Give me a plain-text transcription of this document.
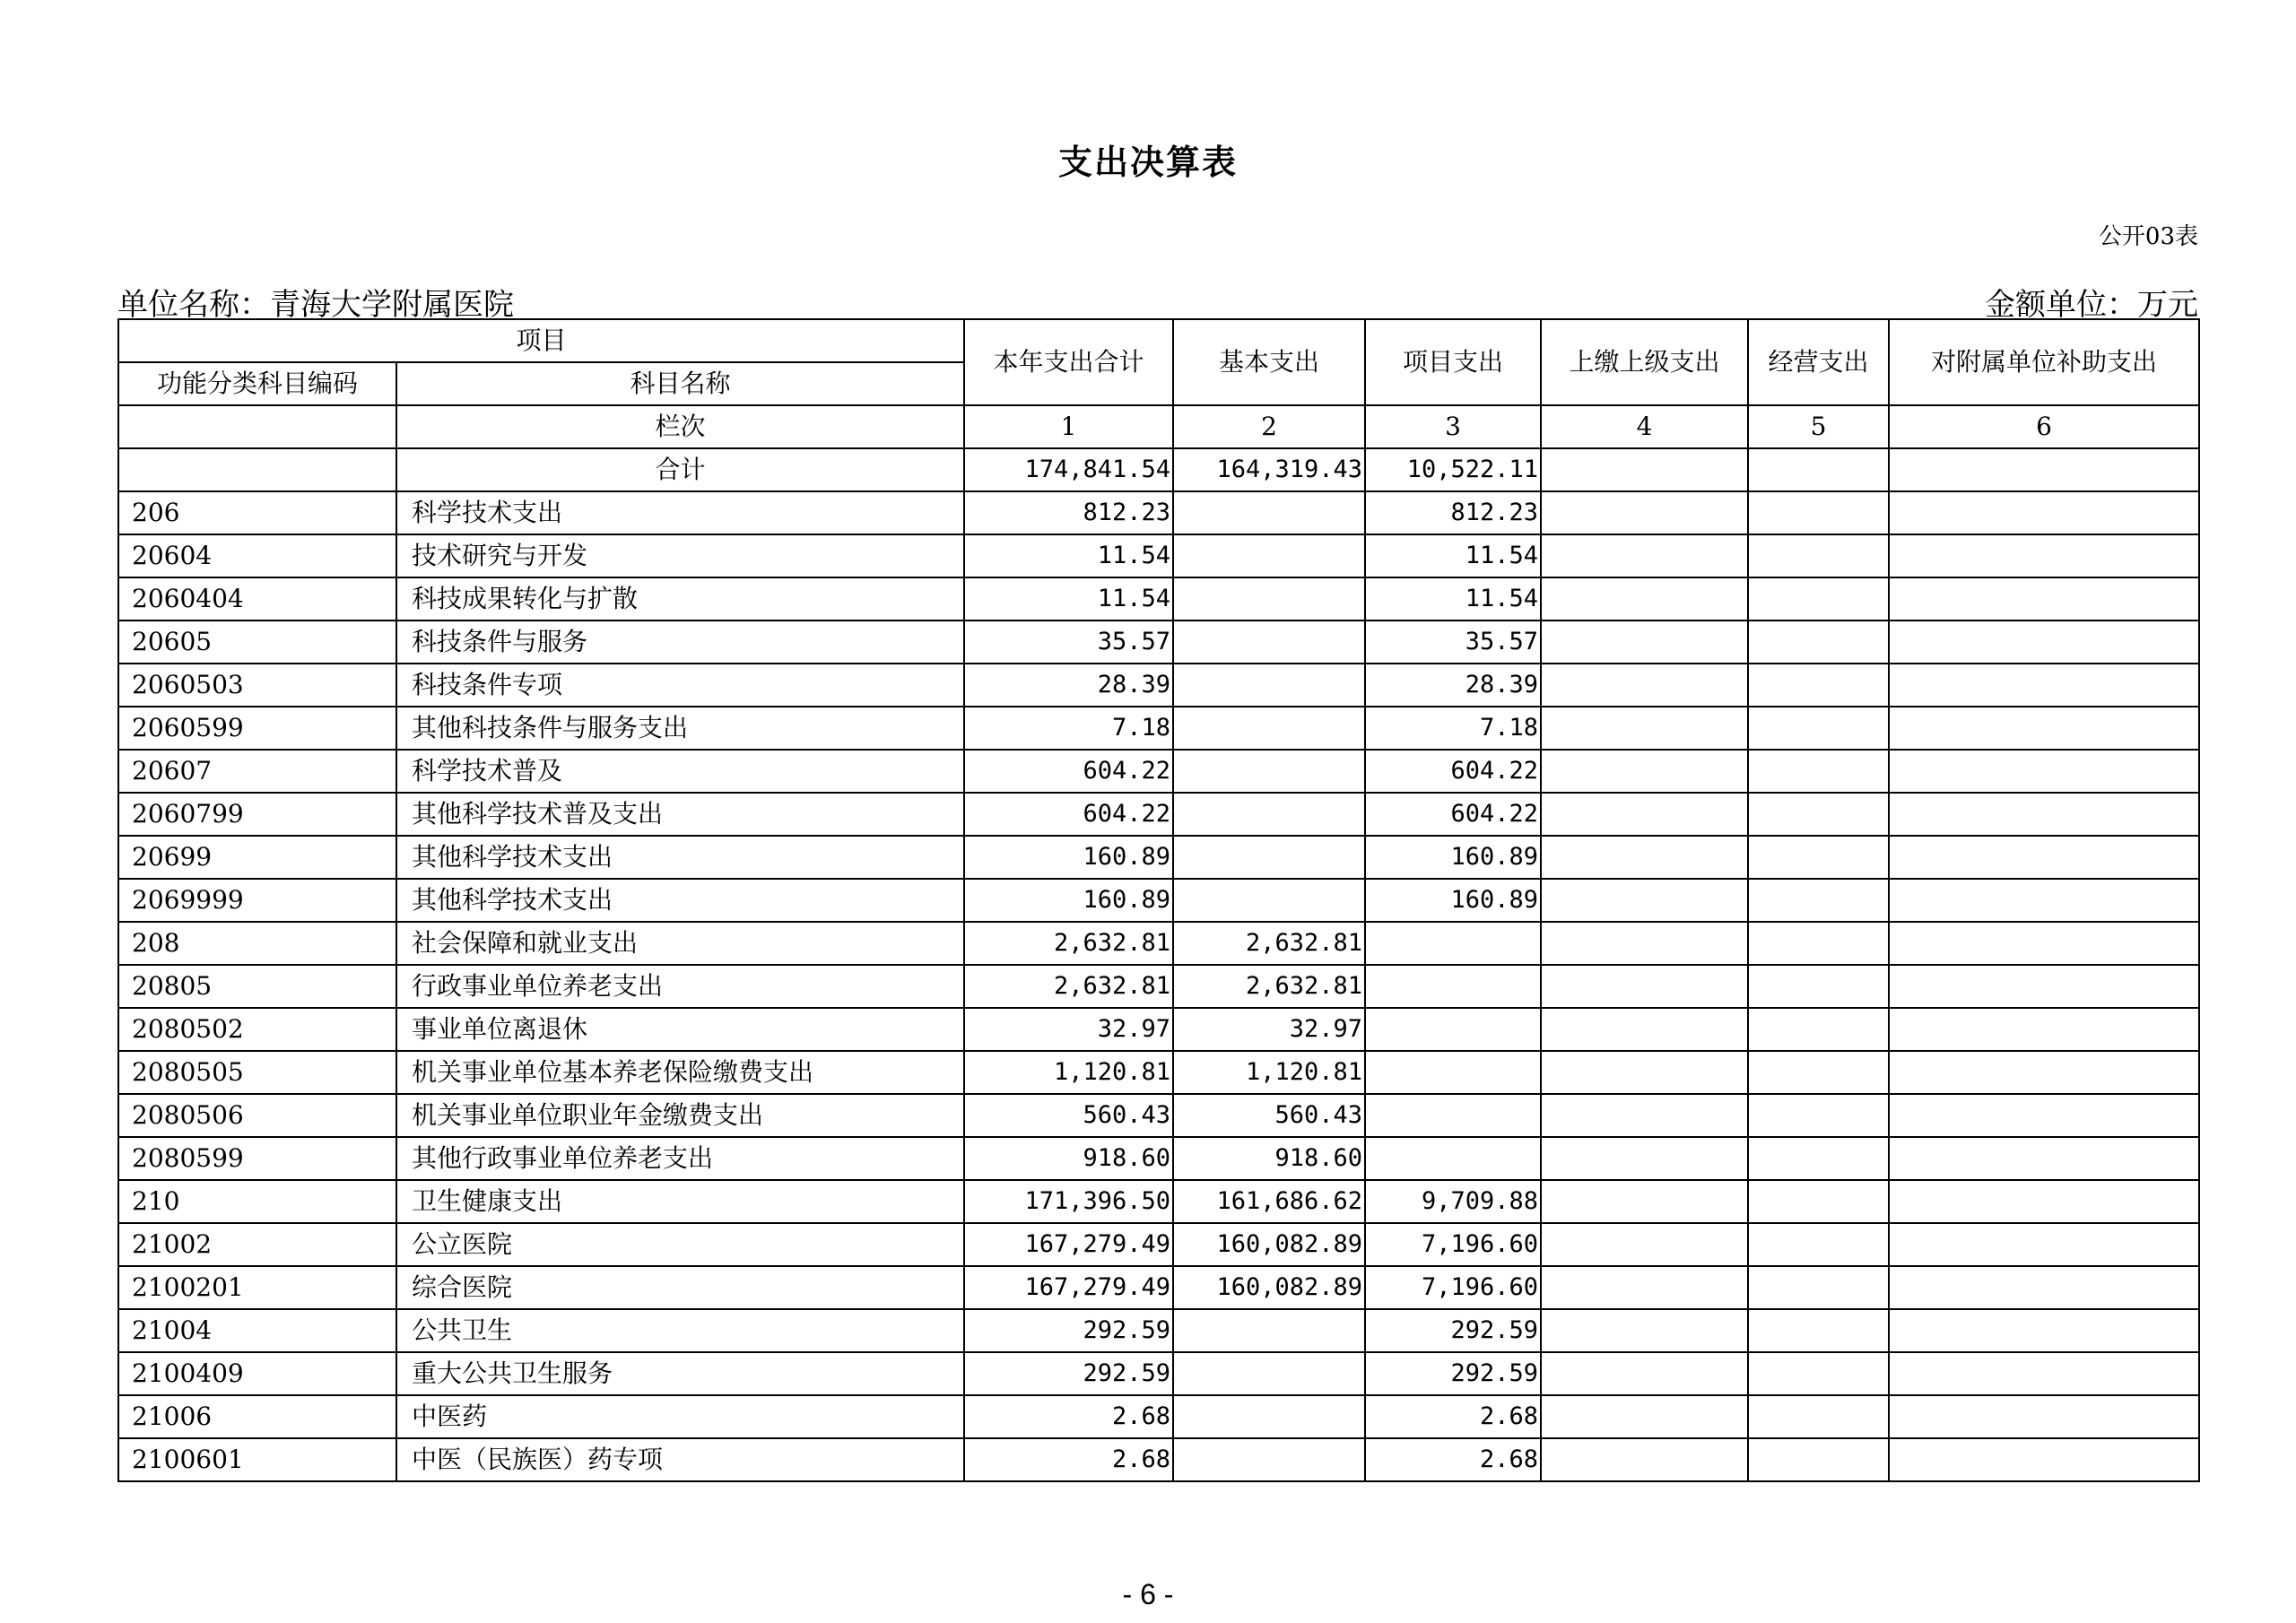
支出决算表
公开03表
单位名称：青海大学附属医院	金额单位：万元
项目		本年支出合计	基本支出	项目支出	上缴上级支出	经营支出	对附属单位补助支出
功能分类科目编码	科目名称						
	栏次	1	2	3	4	5	6
	合计	174,841.54	164,319.43	10,522.11			
206	科学技术支出	812.23		812.23			
20604	技术研究与开发	11.54		11.54			
2060404	科技成果转化与扩散	11.54		11.54			
20605	科技条件与服务	35.57		35.57			
2060503	科技条件专项	28.39		28.39			
2060599	其他科技条件与服务支出	7.18		7.18			
20607	科学技术普及	604.22		604.22			
2060799	其他科学技术普及支出	604.22		604.22			
20699	其他科学技术支出	160.89		160.89			
2069999	其他科学技术支出	160.89		160.89			
208	社会保障和就业支出	2,632.81	2,632.81				
20805	行政事业单位养老支出	2,632.81	2,632.81				
2080502	事业单位离退休	32.97	32.97				
2080505	机关事业单位基本养老保险缴费支出	1,120.81	1,120.81				
2080506	机关事业单位职业年金缴费支出	560.43	560.43				
2080599	其他行政事业单位养老支出	918.60	918.60				
210	卫生健康支出	171,396.50	161,686.62	9,709.88			
21002	公立医院	167,279.49	160,082.89	7,196.60			
2100201	综合医院	167,279.49	160,082.89	7,196.60			
21004	公共卫生	292.59		292.59			
2100409	重大公共卫生服务	292.59		292.59			
21006	中医药	2.68		2.68			
2100601	中医（民族医）药专项	2.68		2.68			
- 6 -
